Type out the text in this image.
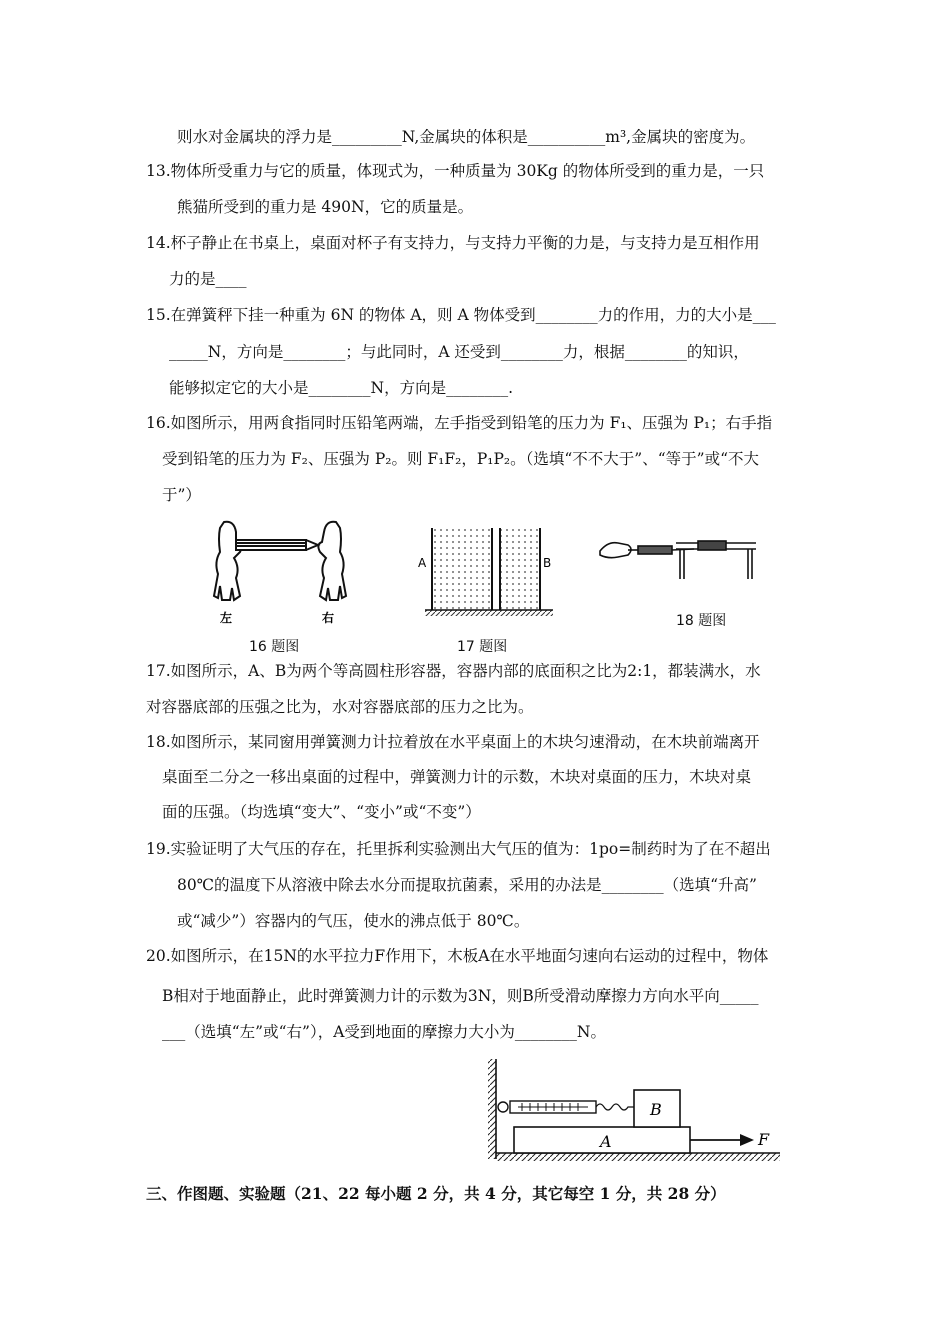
则水对金属块的浮力是_________N,金属块的体积是__________m³,金属块的密度为。
13.物体所受重力与它的质量，体现式为，一种质量为 30Kg 的物体所受到的重力是，一只
熊猫所受到的重力是 490N，它的质量是。
14.杯子静止在书桌上，桌面对杯子有支持力，与支持力平衡的力是，与支持力是互相作用
力的是____
15.在弹簧秤下挂一种重为 6N 的物体 A，则 A 物体受到________力的作用，力的大小是___
_____N，方向是________；与此同时，A 还受到________力，根据________的知识，
能够拟定它的大小是________N，方向是________.
16.如图所示，用两食指同时压铅笔两端，左手指受到铅笔的压力为 F₁、压强为 P₁；右手指
受到铅笔的压力为 F₂、压强为 P₂。则 F₁F₂，P₁P₂。（选填“不不大于”、“等于”或“不大
于”）
左	右
A	B
16 题图	17 题图
18 题图
17.如图所示，A、B为两个等高圆柱形容器，容器内部的底面积之比为2:1，都装满水，水
对容器底部的压强之比为，水对容器底部的压力之比为。
18.如图所示，某同窗用弹簧测力计拉着放在水平桌面上的木块匀速滑动，在木块前端离开
桌面至二分之一移出桌面的过程中，弹簧测力计的示数，木块对桌面的压力，木块对桌
面的压强。（均选填“变大”、“变小”或“不变”）
19.实验证明了大气压的存在，托里拆利实验测出大气压的值为：1po=制药时为了在不超出
80℃的温度下从溶液中除去水分而提取抗菌素，采用的办法是________（选填“升高”
或“减少”）容器内的气压，使水的沸点低于 80℃。
20.如图所示，在15N的水平拉力F作用下，木板A在水平地面匀速向右运动的过程中，物体
B相对于地面静止，此时弹簧测力计的示数为3N，则B所受滑动摩擦力方向水平向_____
___（选填“左”或“右”），A受到地面的摩擦力大小为________N。
A
B
F
三、作图题、实验题（21、22 每小题 2 分，共 4 分，其它每空 1 分，共 28 分）
